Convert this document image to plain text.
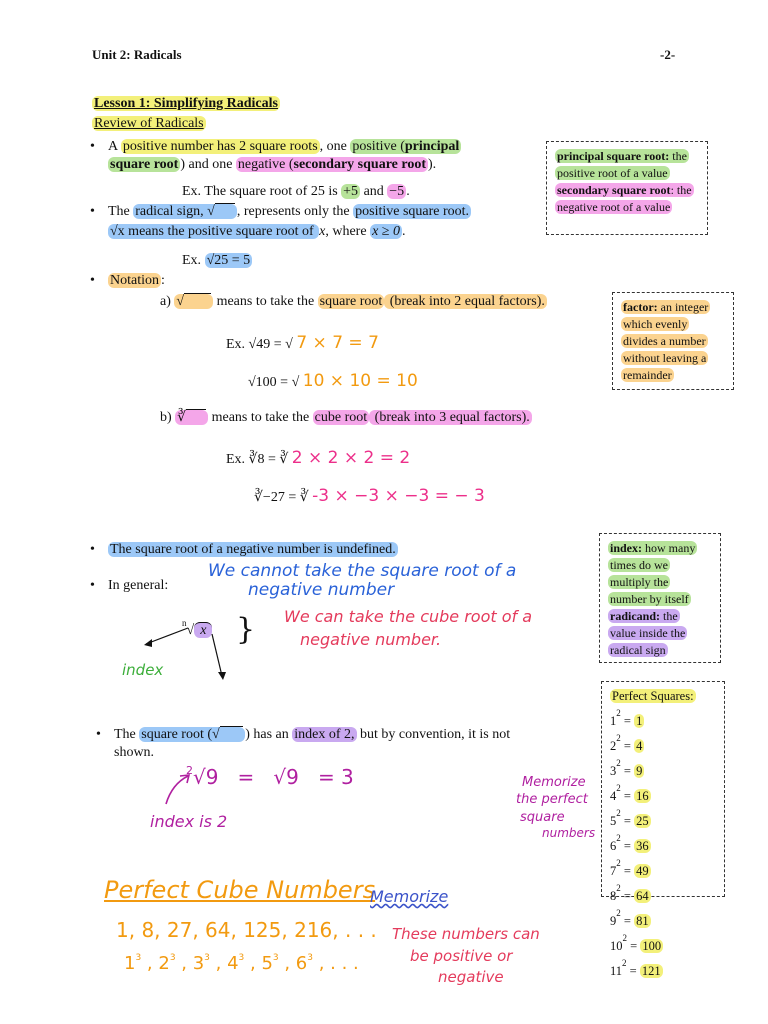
Unit 2: Radicals	-2-
Lesson 1: Simplifying Radicals
Review of Radicals
• A positive number has 2 square roots , one positive (principal
square root ) and one negative (secondary square root ).
Ex. The square root of 25 is +5 and −5 .
• The radical sign, √ , represents only the positive square root.
√x means the positive square root of x, where x ≥ 0 .
Ex. √25 = 5
• Notation :
a) √       means to take the square root (break into 2 equal factors).
Ex. √49 = √ 7 × 7 = 7
√100 = √ 10 × 10 = 10
b) ∛     means to take the cube root (break into 3 equal factors).
Ex. ∛8 = ∛ 2 × 2 × 2 = 2
∛−27 = ∛ -3 × −3 × −3 = − 3
• The square root of a negative number is undefined.
We cannot take the square root of a
negative number
• In general:
$^n$√ x } We can take the cube root of a
negative number.
index
• The square root (√ ) has an index of 2, but by convention, it is not
shown.
$^2$√9 = √9 = 3
index is 2
Memorize
the perfect
square
numbers
principal square root: the
positive root of a value
secondary square root: the
negative root of a value
factor: an integer
which evenly
divides a number
without leaving a
remainder
index: how many
times do we
multiply the
number by itself
radicand: the
value inside the
radical sign
Perfect Squares:
$1^2 = 1$
$2^2 = 4$
$3^2 = 9$
$4^2 = 16$
$5^2 = 25$
$6^2 = 36$
$7^2 = 49$
$8^2 = 64$
$9^2 = 81$
$10^2 = 100$
$11^2 = 121$
Perfect Cube Numbers
Memorize
1, 8, 27, 64, 125, 216, . . .
$1^3$ , $2^3$ , $3^3$ , $4^3$ , $5^3$ , $6^3$ , . . .
These numbers can
be positive or
negative
